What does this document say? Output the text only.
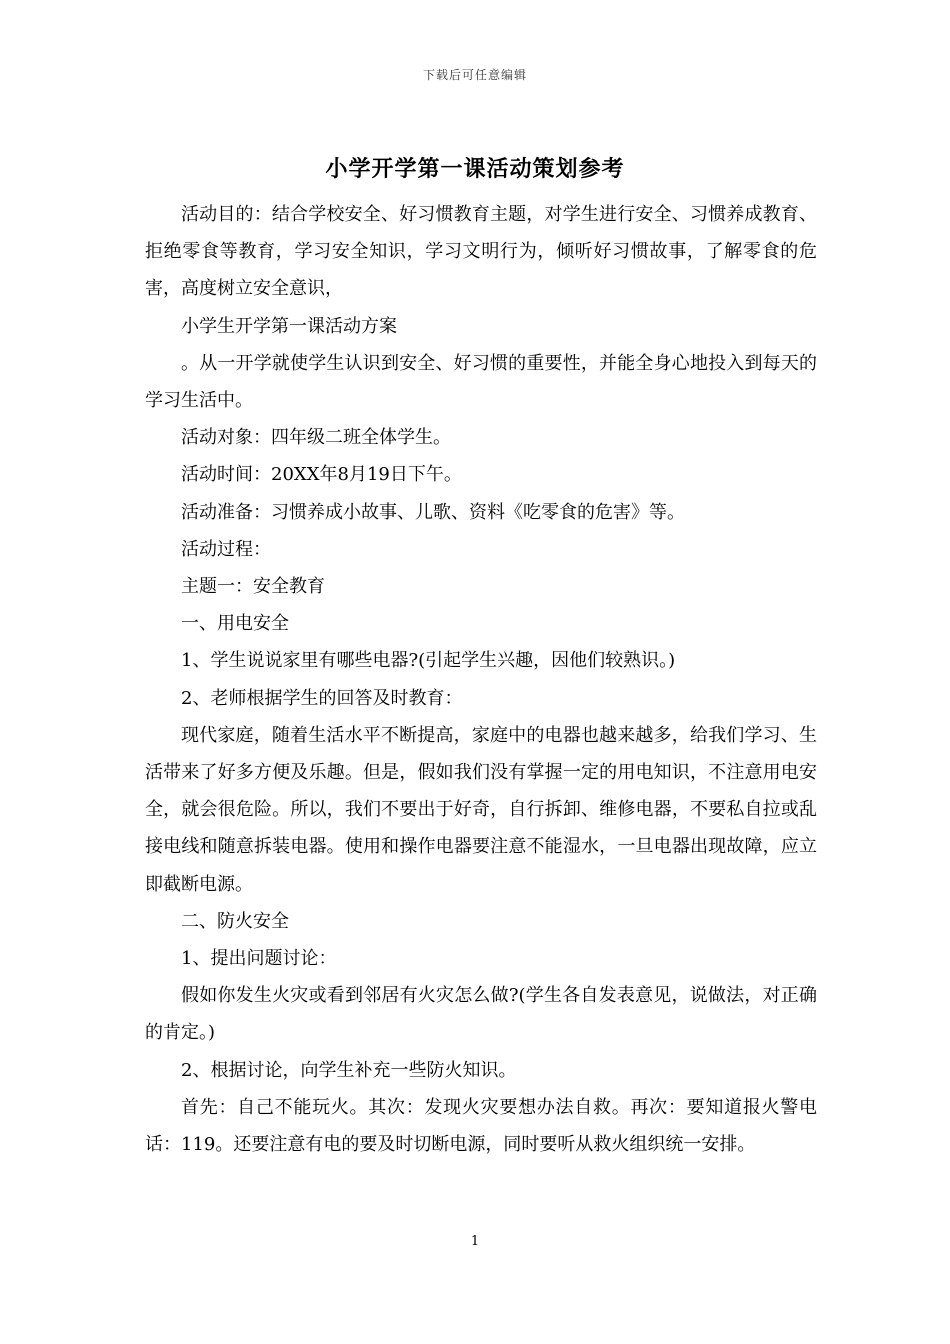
下载后可任意编辑
小学开学第一课活动策划参考

活动目的：结合学校安全、好习惯教育主题，对学生进行安全、习惯养成教育、拒绝零食等教育，学习安全知识，学习文明行为，倾听好习惯故事，了解零食的危害，高度树立安全意识，

小学生开学第一课活动方案

。从一开学就使学生认识到安全、好习惯的重要性，并能全身心地投入到每天的学习生活中。

活动对象：四年级二班全体学生。

活动时间：20XX年8月19日下午。

活动准备：习惯养成小故事、儿歌、资料《吃零食的危害》等。

活动过程：

主题一：安全教育

一、用电安全

1、学生说说家里有哪些电器?(引起学生兴趣，因他们较熟识。)

2、老师根据学生的回答及时教育：

现代家庭，随着生活水平不断提高，家庭中的电器也越来越多，给我们学习、生活带来了好多方便及乐趣。但是，假如我们没有掌握一定的用电知识，不注意用电安全，就会很危险。所以，我们不要出于好奇，自行拆卸、维修电器，不要私自拉或乱接电线和随意拆装电器。使用和操作电器要注意不能湿水，一旦电器出现故障，应立即截断电源。

二、防火安全

1、提出问题讨论：

假如你发生火灾或看到邻居有火灾怎么做?(学生各自发表意见，说做法，对正确的肯定。)

2、根据讨论，向学生补充一些防火知识。

首先：自己不能玩火。其次：发现火灾要想办法自救。再次：要知道报火警电话：119。还要注意有电的要及时切断电源，同时要听从救火组织统一安排。

1
